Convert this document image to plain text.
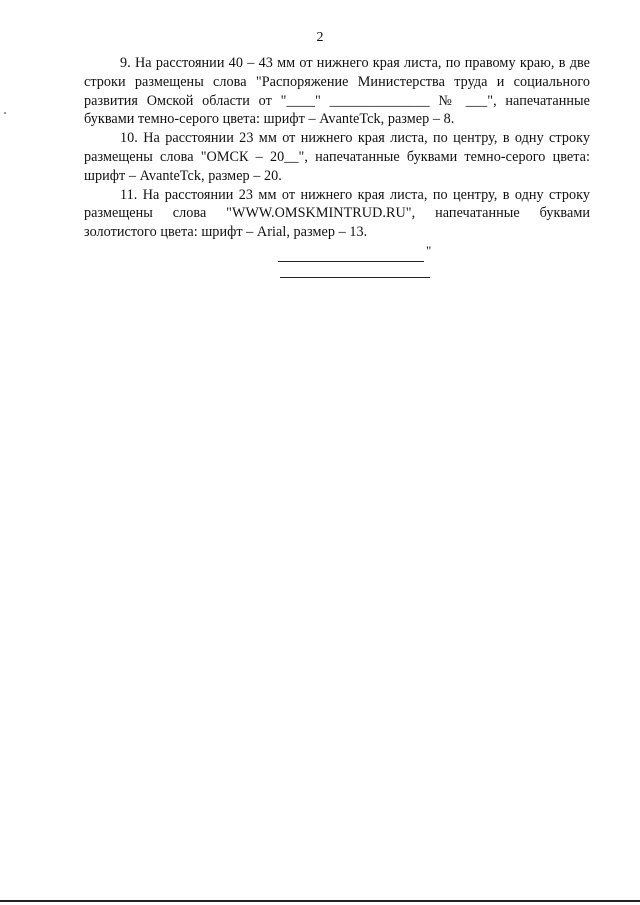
2

9. На расстоянии 40 – 43 мм от нижнего края листа, по правому краю, в две строки размещены слова "Распоряжение Министерства труда и социального развития Омской области от "____" ______________ № ___", напечатанные буквами темно-серого цвета: шрифт – AvanteTck, размер – 8.

10. На расстоянии 23 мм от нижнего края листа, по центру, в одну строку размещены слова "ОМСК – 20__", напечатанные буквами темно-серого цвета: шрифт – AvanteTck, размер – 20.

11. На расстоянии 23 мм от нижнего края листа, по центру, в одну строку размещены слова "WWW.OMSKMINTRUD.RU", напечатанные буквами золотистого цвета: шрифт – Arial, размер – 13.

"
